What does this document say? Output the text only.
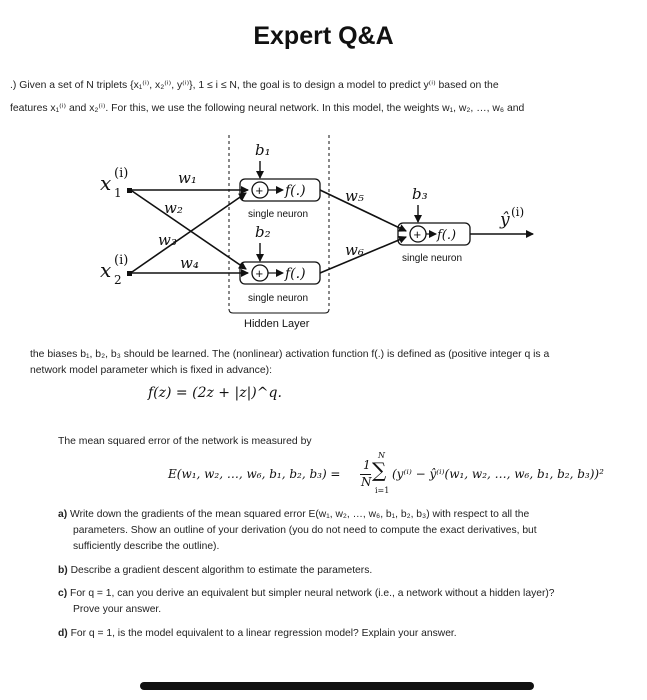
Expert Q&A
.) Given a set of N triplets {x₁⁽ⁱ⁾, x₂⁽ⁱ⁾, y⁽ⁱ⁾}, 1 ≤ i ≤ N, the goal is to design a model to predict y⁽ⁱ⁾ based on the
features x₁⁽ⁱ⁾ and x₂⁽ⁱ⁾. For this, we use the following neural network. In this model, the weights w₁, w₂, …, w₆ and
x (i)
1
x (i)
2
w₁
w₂
w₃
w₄
b₁
b₂
b₃
+ f(.)
single neuron
+ f(.)
single neuron
w₅
w₆
+ f(.)
single neuron
ŷ (i)
Hidden Layer
the biases b₁, b₂, b₃ should be learned. The (nonlinear) activation function f(.) is defined as (positive integer q is a
network model parameter which is fixed in advance):
f(z) = (2z + |z|)^q.
The mean squared error of the network is measured by
E(w₁, w₂, …, w₆, b₁, b₂, b₃) =
1
N
N
∑
i=1
(y⁽ⁱ⁾ − ŷ⁽ⁱ⁾(w₁, w₂, …, w₆, b₁, b₂, b₃))²
a) Write down the gradients of the mean squared error E(w₁, w₂, …, w₆, b₁, b₂, b₃) with respect to all the
parameters. Show an outline of your derivation (you do not need to compute the exact derivatives, but
sufficiently describe the outline).
b) Describe a gradient descent algorithm to estimate the parameters.
c) For q = 1, can you derive an equivalent but simpler neural network (i.e., a network without a hidden layer)?
Prove your answer.
d) For q = 1, is the model equivalent to a linear regression model? Explain your answer.
